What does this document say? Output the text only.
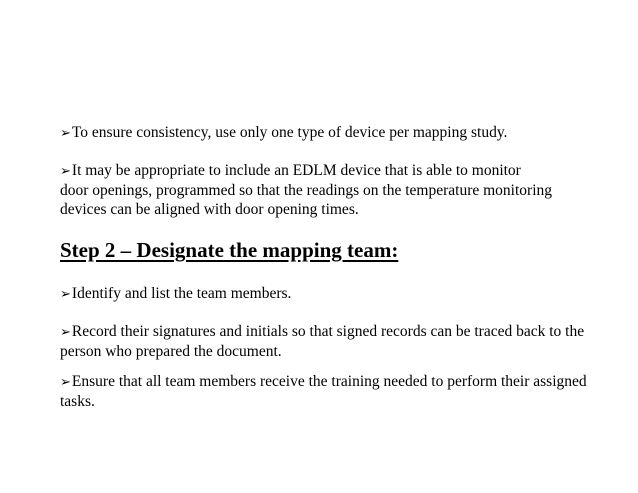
➢To ensure consistency, use only one type of device per mapping study.

➢It may be appropriate to include an EDLM device that is able to monitor
door openings, programmed so that the readings on the temperature monitoring
devices can be aligned with door opening times.

Step 2 – Designate the mapping team:

➢Identify and list the team members.

➢Record their signatures and initials so that signed records can be traced back to the
person who prepared the document.

➢Ensure that all team members receive the training needed to perform their assigned
tasks.
